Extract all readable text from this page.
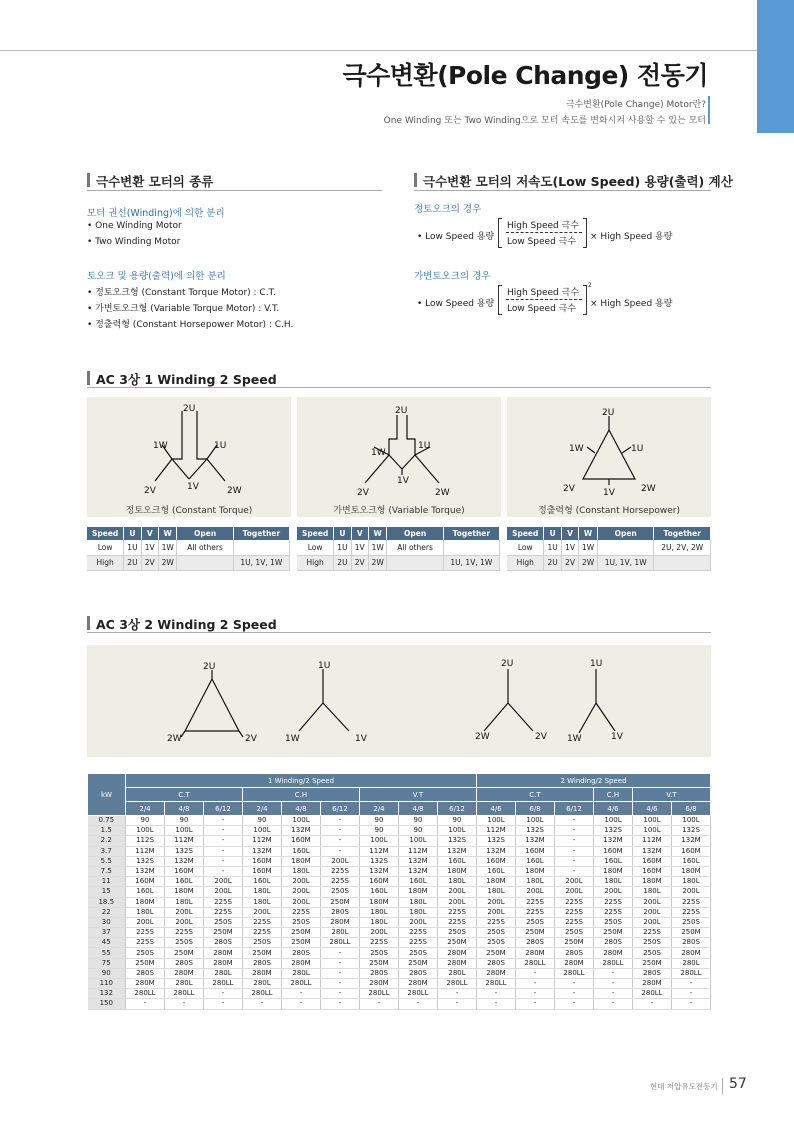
극수변환(Pole Change) 전동기
극수변환(Pole Change) Motor란?
One Winding 또는 Two Winding으로 모터 속도를 변화시켜 사용할 수 있는 모터
극수변환 모터의 종류
모터 권선(Winding)에 의한 분리
• One Winding Motor
• Two Winding Motor
토오크 및 용량(출력)에 의한 분리
• 정토오크형 (Constant Torque Motor) : C.T.
• 가변토오크형 (Variable Torque Motor) : V.T.
• 정출력형 (Constant Horsepower Motor) : C.H.
극수변환 모터의 저속도(Low Speed) 용량(출력) 계산
정토오크의 경우
• Low Speed 용량
High Speed 극수
Low Speed 극수 × High Speed 용량
가변토오크의 경우
• Low Speed 용량
High Speed 극수
Low Speed 극수
2
× High Speed 용량
AC 3상 1 Winding 2 Speed
2U
1W	1U
1V
2V	2W
정토오크형 (Constant Torque)
2U
1W
1U
1V
2V	2W
가변토오크형 (Variable Torque)
2U
1W	1U
1V
2V	2W
정출력형 (Constant Horsepower)
Speed	U	V	W	Open	Together
Low	1U	1V	1W	All others	
High	2U	2V	2W		1U, 1V, 1W
Speed	U	V	W	Open	Together
Low	1U	1V	1W	All others	
High	2U	2V	2W		1U, 1V, 1W
Speed	U	V	W	Open	Together
Low	1U	1V	1W		2U, 2V, 2W
High	2U	2V	2W	1U, 1V, 1W	
AC 3상 2 Winding 2 Speed
2U
2W	2V
1U
1W	1V
2U
2W	2V
1U
1W	1V
kW	1 Winding/2 Speed									2 Winding/2 Speed					
	C.T			C.H			V.T			C.T			C.H	V.T	
	2/4	4/8	6/12	2/4	4/8	6/12	2/4	4/8	6/12	4/6	6/8	6/12	4/6	4/6	6/8
0.75	90	90	-	90	100L	-	90	90	90	100L	100L	-	100L	100L	100L
1.5	100L	100L	-	100L	132M	-	90	90	100L	112M	132S	-	132S	100L	132S
2.2	112S	112M	-	112M	160M	-	100L	100L	132S	132S	132M	-	132M	112M	132M
3.7	112M	132S	-	132M	160L	-	112M	112M	132M	132M	160M	-	160M	132M	160M
5.5	132S	132M	-	160M	180M	200L	132S	132M	160L	160M	160L	-	160L	160M	160L
7.5	132M	160M	-	160M	180L	225S	132M	132M	180M	160L	180M	-	180M	160M	180M
11	160M	160L	200L	160L	200L	225S	160M	160L	180L	180M	180L	200L	180L	180M	180L
15	160L	180M	200L	180L	200L	250S	160L	180M	200L	180L	200L	200L	200L	180L	200L
18.5	180M	180L	225S	180L	200L	250M	180M	180L	200L	200L	225S	225S	225S	200L	225S
22	180L	200L	225S	200L	225S	280S	180L	180L	225S	200L	225S	225S	225S	200L	225S
30	200L	200L	250S	225S	250S	280M	180L	200L	225S	225S	250S	225S	250S	200L	250S
37	225S	225S	250M	225S	250M	280L	200L	225S	250S	250S	250M	250S	250M	225S	250M
45	225S	250S	280S	250S	250M	280LL	225S	225S	250M	250S	280S	250M	280S	250S	280S
55	250S	250M	280M	250M	280S	-	250S	250S	280M	250M	280M	280S	280M	250S	280M
75	250M	280S	280M	280S	280M	-	250M	250M	280M	280S	280LL	280M	280LL	250M	280L
90	280S	280M	280L	280M	280L	-	280S	280S	280L	280M	-	280LL	-	280S	280LL
110	280M	280L	280LL	280L	280LL	-	280M	280M	280LL	280LL	-	-	-	280M	-
132	280LL	280LL	-	280LL	-	-	280LL	280LL	-	-	-	-	-	280LL	-
150	-	-	-	-	-	-	-	-	-	-	-	-	-	-	-
현대 저압유도전동기 57
